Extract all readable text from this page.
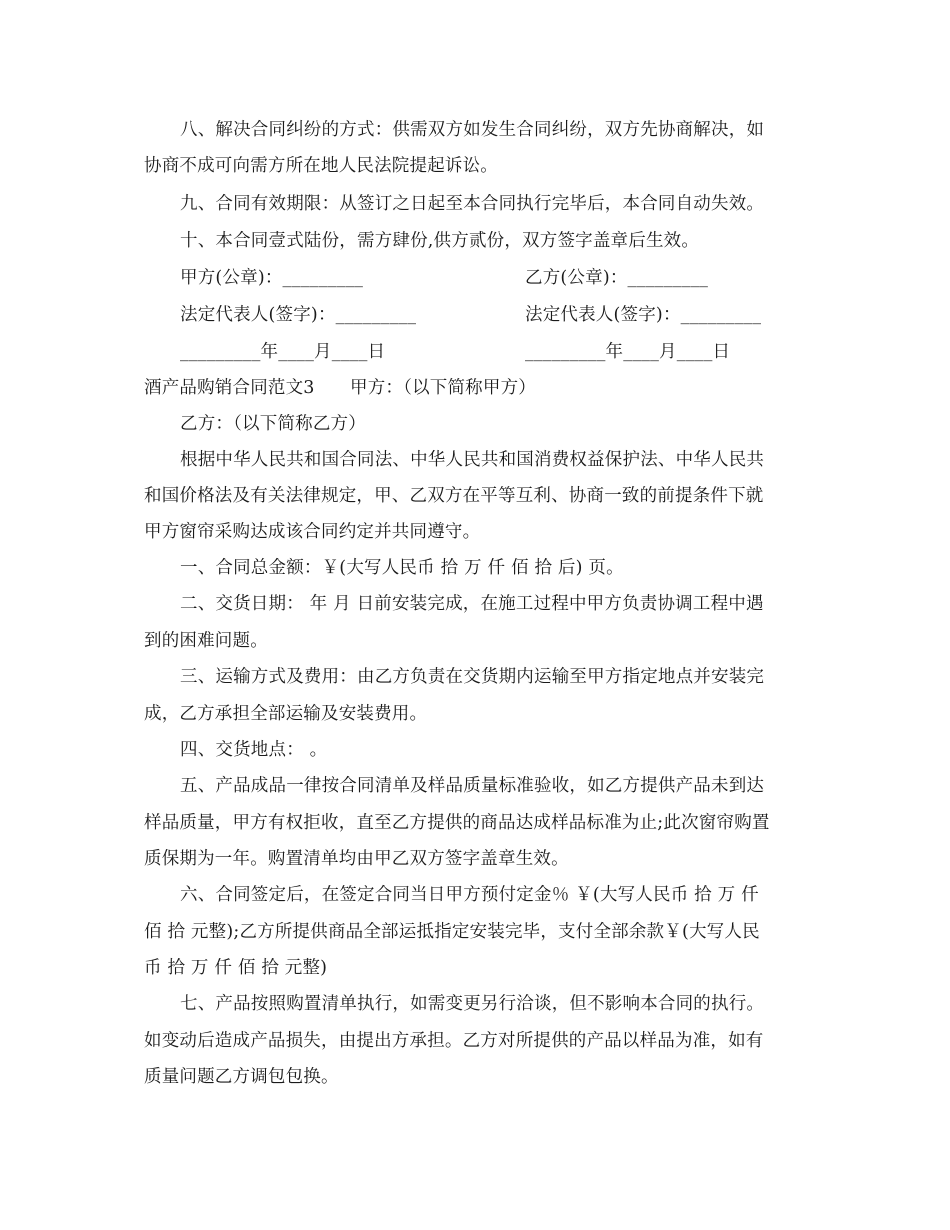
八、解决合同纠纷的方式：供需双方如发生合同纠纷，双方先协商解决，如
协商不成可向需方所在地人民法院提起诉讼。
九、合同有效期限：从签订之日起至本合同执行完毕后，本合同自动失效。
十、本合同壹式陆份，需方肆份,供方贰份，双方签字盖章后生效。
甲方(公章)：_________	乙方(公章)：_________
法定代表人(签字)：_________	法定代表人(签字)：_________
_________年____月____日	_________年____月____日
酒产品购销合同范文3　　甲方：（以下简称甲方）
乙方：（以下简称乙方）
根据中华人民共和国合同法、中华人民共和国消费权益保护法、中华人民共
和国价格法及有关法律规定，甲、乙双方在平等互利、协商一致的前提条件下就
甲方窗帘采购达成该合同约定并共同遵守。
一、合同总金额：￥(大写人民币 拾 万 仟 佰 拾 后) 页。
二、交货日期： 年 月 日前安装完成，在施工过程中甲方负责协调工程中遇
到的困难问题。
三、运输方式及费用：由乙方负责在交货期内运输至甲方指定地点并安装完
成，乙方承担全部运输及安装费用。
四、交货地点： 。
五、产品成品一律按合同清单及样品质量标准验收，如乙方提供产品未到达
样品质量，甲方有权拒收，直至乙方提供的商品达成样品标准为止;此次窗帘购置
质保期为一年。购置清单均由甲乙双方签字盖章生效。
六、合同签定后，在签定合同当日甲方预付定金％ ￥(大写人民币 拾 万 仟
佰 拾 元整);乙方所提供商品全部运抵指定安装完毕，支付全部余款￥(大写人民
币 拾 万 仟 佰 拾 元整)
七、产品按照购置清单执行，如需变更另行洽谈，但不影响本合同的执行。
如变动后造成产品损失，由提出方承担。乙方对所提供的产品以样品为准，如有
质量问题乙方调包包换。
